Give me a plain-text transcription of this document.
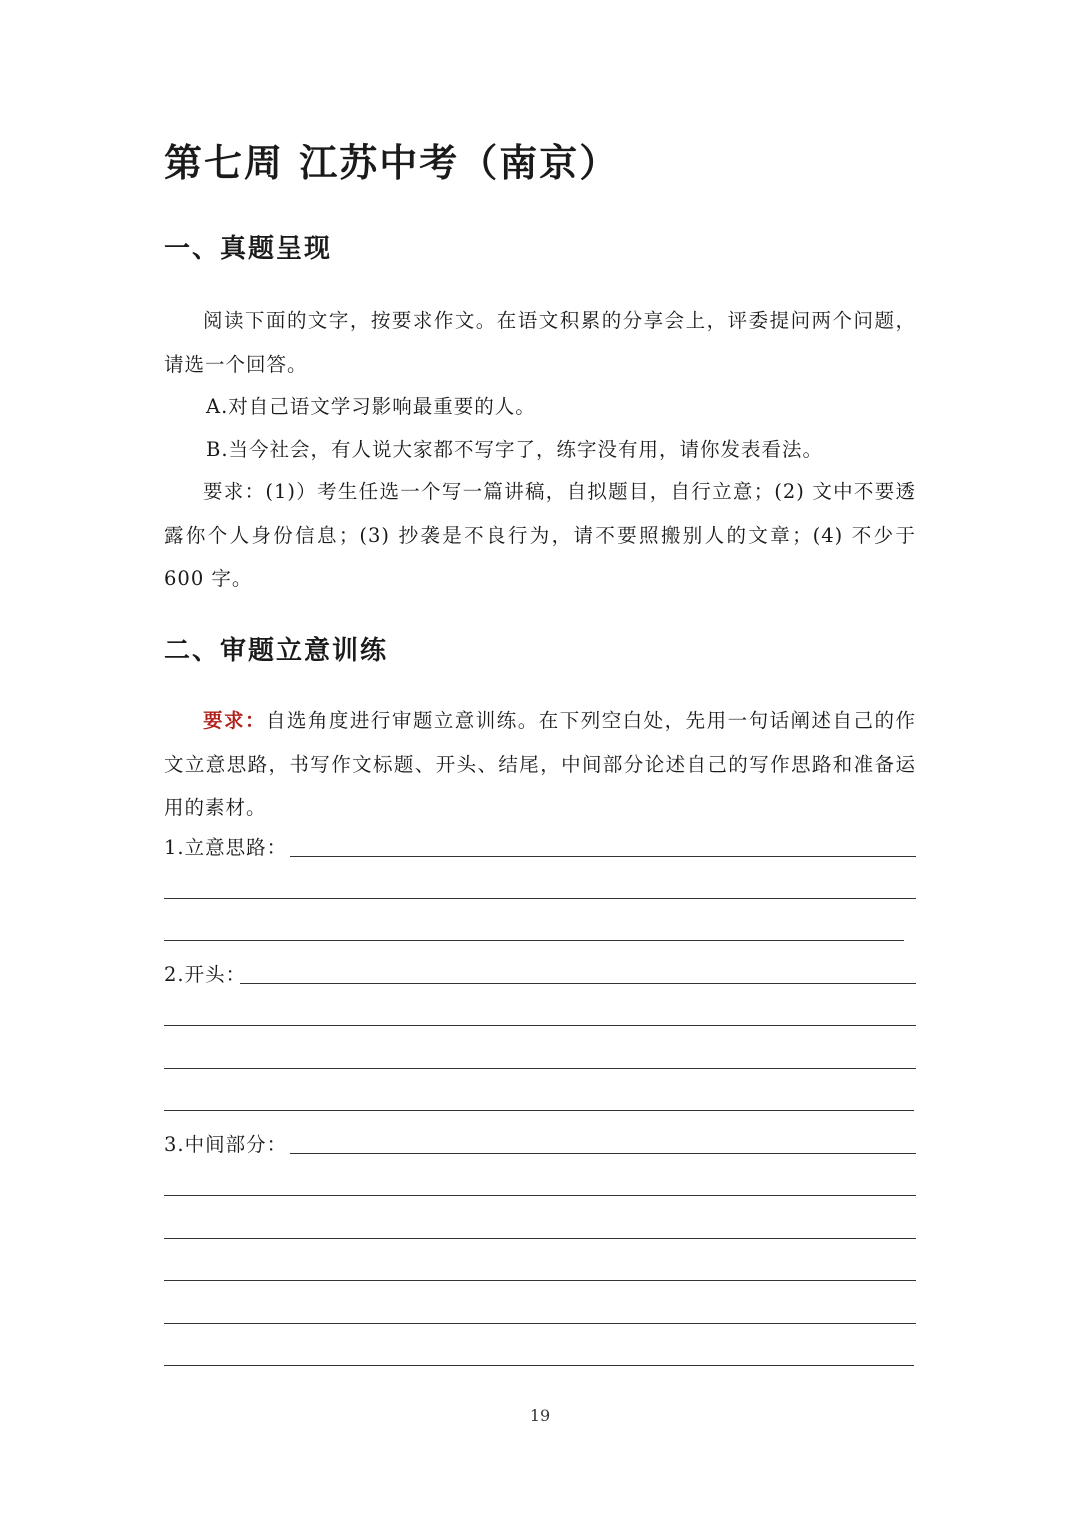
第七周 江苏中考（南京）
一、真题呈现
阅读下面的文字，按要求作文。在语文积累的分享会上，评委提问两个问题，请选一个回答。
A.对自己语文学习影响最重要的人。
B.当今社会，有人说大家都不写字了，练字没有用，请你发表看法。
要求：(1)）考生任选一个写一篇讲稿，自拟题目，自行立意；(2) 文中不要透露你个人身份信息；(3) 抄袭是不良行为，请不要照搬别人的文章；(4) 不少于 600 字。
二、审题立意训练
要求：自选角度进行审题立意训练。在下列空白处，先用一句话阐述自己的作文立意思路，书写作文标题、开头、结尾，中间部分论述自己的写作思路和准备运用的素材。
1.立意思路：
2.开头：
3.中间部分：
19
